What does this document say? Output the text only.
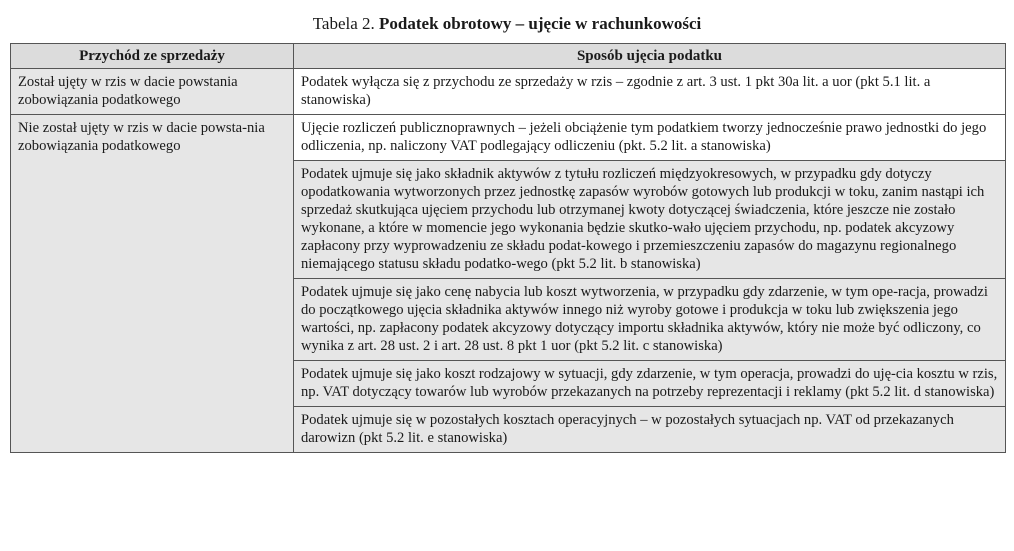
Tabela 2. Podatek obrotowy – ujęcie w rachunkowości
Przychód ze sprzedaży	Sposób ujęcia podatku
Został ujęty w rzis w dacie powstania zobowiązania podatkowego	Podatek wyłącza się z przychodu ze sprzedaży w rzis – zgodnie z art. 3 ust. 1 pkt 30a lit. a uor (pkt 5.1 lit. a stanowiska)
Nie został ujęty w rzis w dacie powsta-nia zobowiązania podatkowego	Ujęcie rozliczeń publicznoprawnych – jeżeli obciążenie tym podatkiem tworzy jednocześnie prawo jednostki do jego odliczenia, np. naliczony VAT podlegający odliczeniu (pkt. 5.2 lit. a stanowiska)
	Podatek ujmuje się jako składnik aktywów z tytułu rozliczeń międzyokresowych, w przypadku gdy dotyczy opodatkowania wytworzonych przez jednostkę zapasów wyrobów gotowych lub produkcji w toku, zanim nastąpi ich sprzedaż skutkująca ujęciem przychodu lub otrzymanej kwoty dotyczącej świadczenia, które jeszcze nie zostało wykonane, a które w momencie jego wykonania będzie skutko-wało ujęciem przychodu, np. podatek akcyzowy zapłacony przy wyprowadzeniu ze składu podat-kowego i przemieszczeniu zapasów do magazynu regionalnego niemającego statusu składu podatko-wego (pkt 5.2 lit. b stanowiska)
	Podatek ujmuje się jako cenę nabycia lub koszt wytworzenia, w przypadku gdy zdarzenie, w tym ope-racja, prowadzi do początkowego ujęcia składnika aktywów innego niż wyroby gotowe i produkcja w toku lub zwiększenia jego wartości, np. zapłacony podatek akcyzowy dotyczący importu składnika aktywów, który nie może być odliczony, co wynika z art. 28 ust. 2 i art. 28 ust. 8 pkt 1 uor (pkt 5.2 lit. c stanowiska)
	Podatek ujmuje się jako koszt rodzajowy w sytuacji, gdy zdarzenie, w tym operacja, prowadzi do uję-cia kosztu w rzis, np. VAT dotyczący towarów lub wyrobów przekazanych na potrzeby reprezentacji i reklamy (pkt 5.2 lit. d stanowiska)
	Podatek ujmuje się w pozostałych kosztach operacyjnych – w pozostałych sytuacjach np. VAT od przekazanych darowizn (pkt 5.2 lit. e stanowiska)
